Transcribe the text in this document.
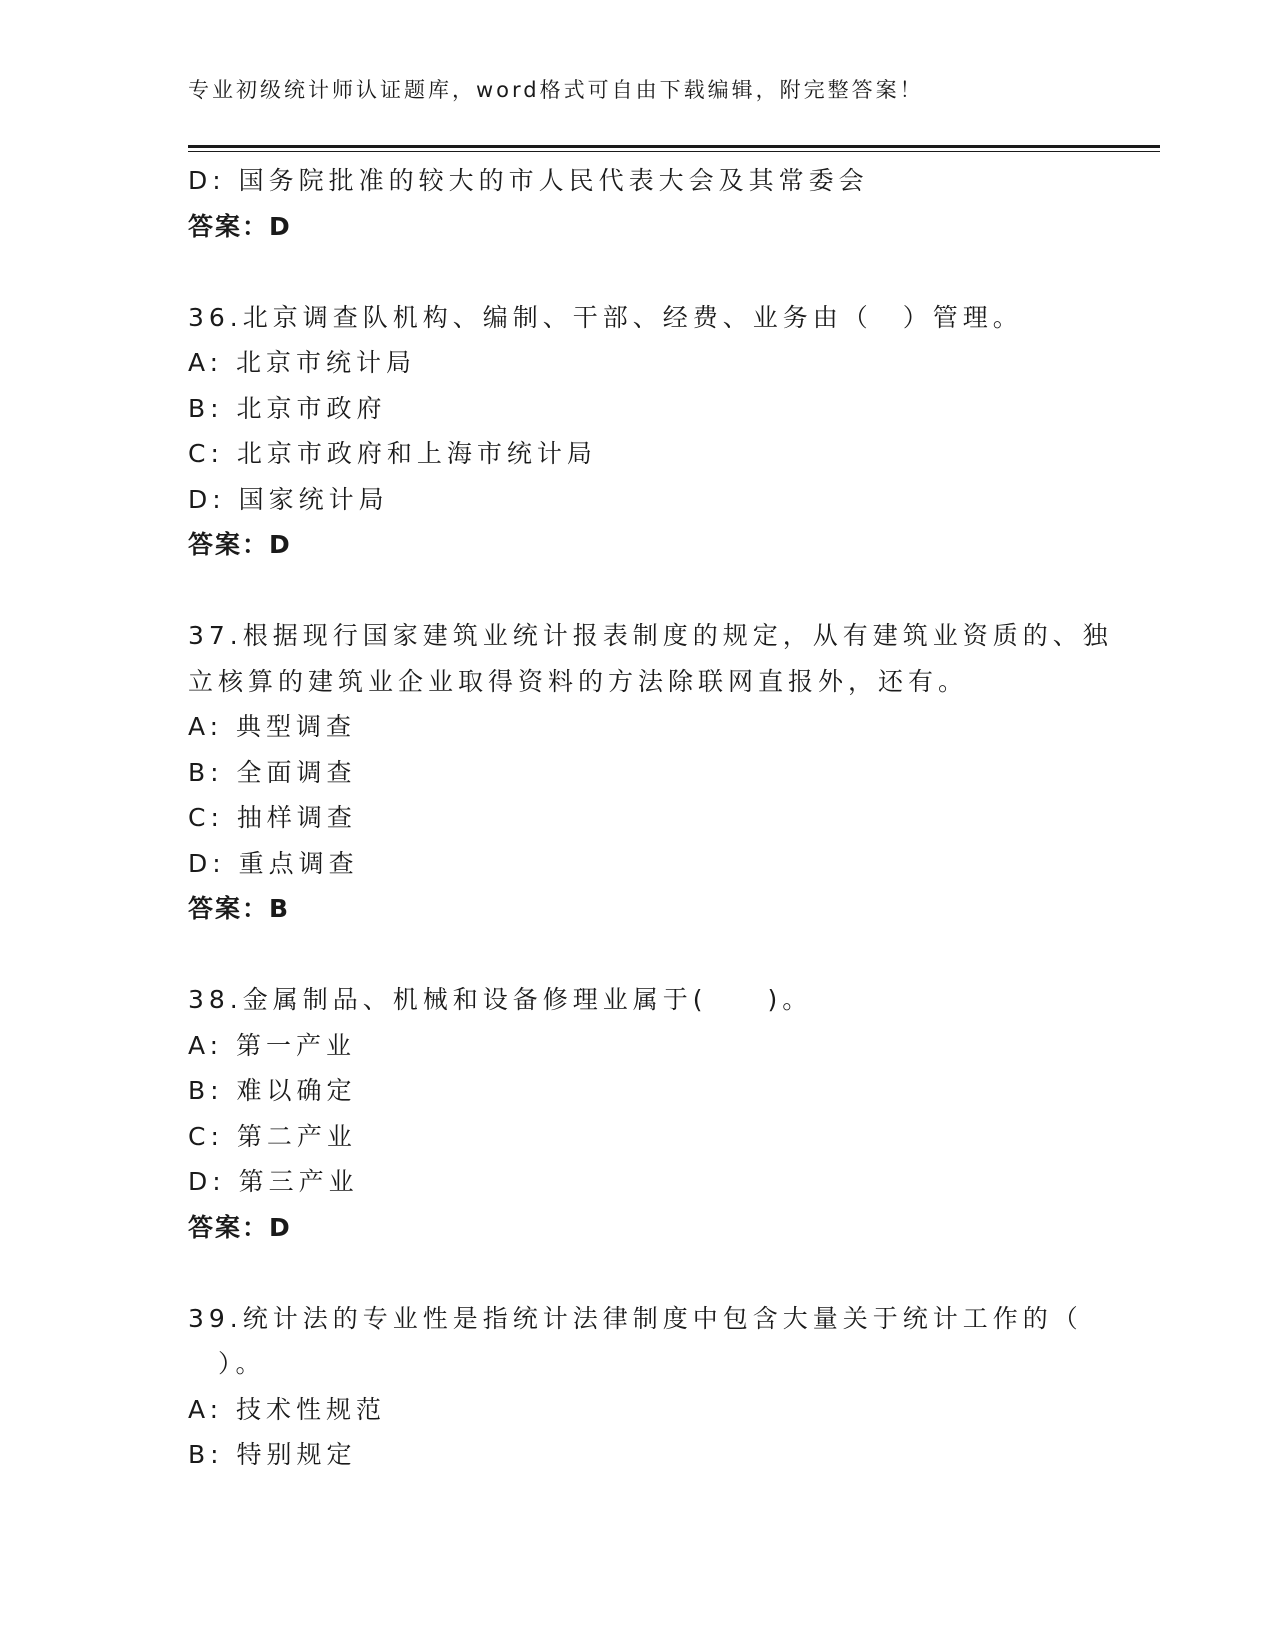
专业初级统计师认证题库，word格式可自由下载编辑，附完整答案！
D: 国务院批准的较大的市人民代表大会及其常委会
答案：D
36.北京调查队机构、编制、干部、经费、业务由（　）管理。
A: 北京市统计局
B: 北京市政府
C: 北京市政府和上海市统计局
D: 国家统计局
答案：D
37.根据现行国家建筑业统计报表制度的规定，从有建筑业资质的、独
立核算的建筑业企业取得资料的方法除联网直报外，还有。
A: 典型调查
B: 全面调查
C: 抽样调查
D: 重点调查
答案：B
38.金属制品、机械和设备修理业属于(　　)。
A: 第一产业
B: 难以确定
C: 第二产业
D: 第三产业
答案：D
39.统计法的专业性是指统计法律制度中包含大量关于统计工作的（
　）。
A: 技术性规范
B: 特别规定
